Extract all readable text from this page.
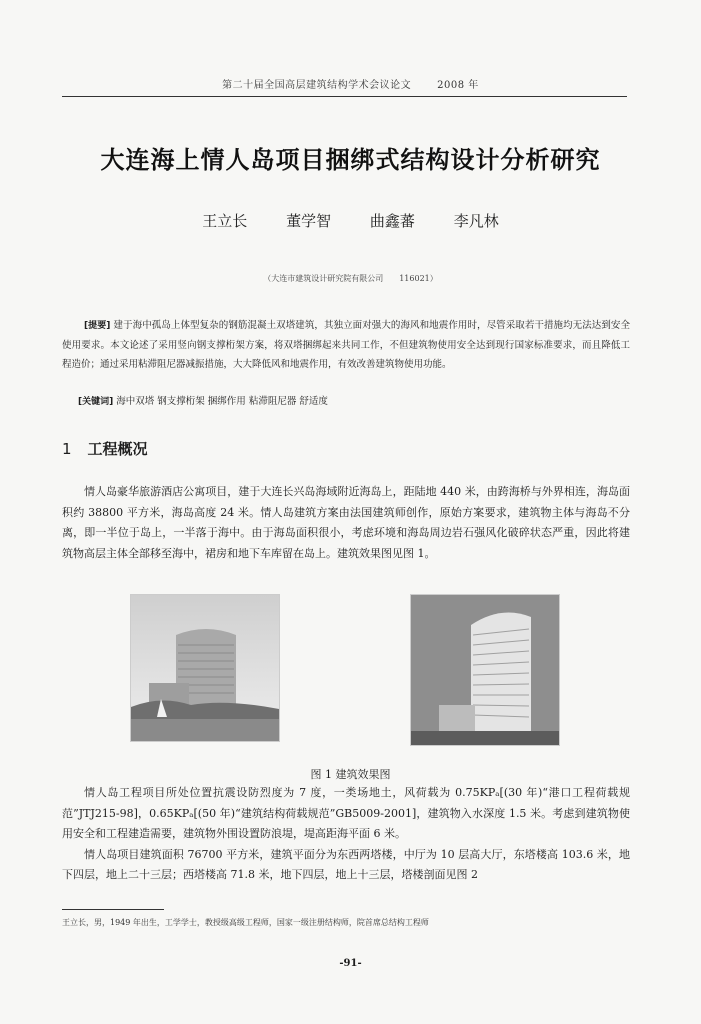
第二十届全国高层建筑结构学术会议论文	2008 年
大连海上情人岛项目捆绑式结构设计分析研究
王立长	董学智	曲鑫蕃	李凡林
（大连市建筑设计研究院有限公司 116021）
[提要] 建于海中孤岛上体型复杂的钢筋混凝土双塔建筑，其独立面对强大的海风和地震作用时，尽管采取若干措施均无法达到安全使用要求。本文论述了采用竖向钢支撑桁架方案，将双塔捆绑起来共同工作，不但建筑物使用安全达到现行国家标准要求，而且降低工程造价；通过采用粘滞阻尼器减振措施，大大降低风和地震作用，有效改善建筑物使用功能。
[关键词] 海中双塔 钢支撑桁架 捆绑作用 粘滞阻尼器 舒适度
1 工程概况
情人岛豪华旅游酒店公寓项目，建于大连长兴岛海域附近海岛上，距陆地 440 米，由跨海桥与外界相连，海岛面积约 38800 平方米，海岛高度 24 米。情人岛建筑方案由法国建筑师创作，原始方案要求，建筑物主体与海岛不分离，即一半位于岛上，一半落于海中。由于海岛面积很小，考虑环境和海岛周边岩石强风化破碎状态严重，因此将建筑物高层主体全部移至海中，裙房和地下车库留在岛上。建筑效果图见图 1。
图 1 建筑效果图
情人岛工程项目所处位置抗震设防烈度为 7 度，一类场地土，风荷载为 0.75KPₐ[(30 年)“港口工程荷载规范”JTJ215-98]，0.65KPₐ[(50 年)“建筑结构荷载规范”GB5009-2001]，建筑物入水深度 1.5 米。考虑到建筑物使用安全和工程建造需要，建筑物外围设置防浪堤，堤高距海平面 6 米。
情人岛项目建筑面积 76700 平方米，建筑平面分为东西两塔楼，中厅为 10 层高大厅，东塔楼高 103.6 米，地下四层，地上二十三层；西塔楼高 71.8 米，地下四层，地上十三层，塔楼剖面见图 2
王立长，男，1949 年出生，工学学士，教授级高级工程师，国家一级注册结构师，院首席总结构工程师
-91-
